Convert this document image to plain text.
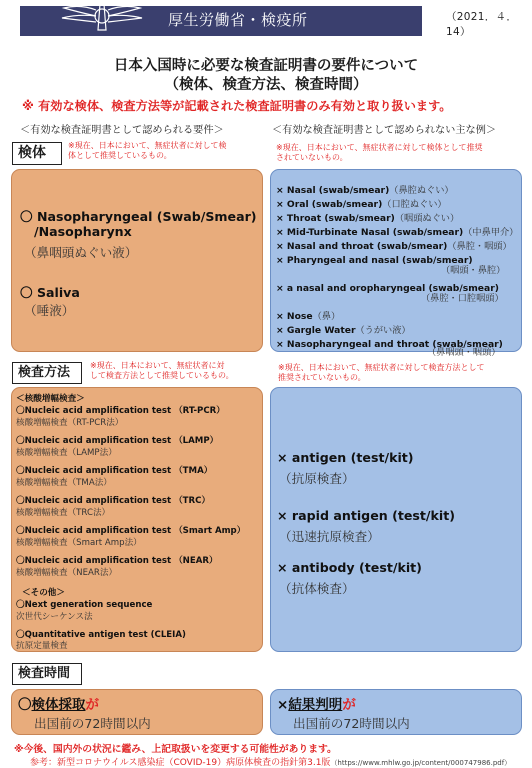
厚生労働省・検疫所	（2021．４．14）
日本入国時に必要な検査証明書の要件について
（検体、検査方法、検査時間）
※ 有効な検体、検査方法等が記載された検査証明書のみ有効と取り扱います。
＜有効な検査証明書として認められる要件＞	＜有効な検査証明書として認められない主な例＞
検体	※現在、日本において、無症状者に対して検
体として推奨しているもの。
※現在、日本において、無症状者に対して検体として推奨
されていないもの。
〇 Nasopharyngeal (Swab/Smear)
/Nasopharynx
（鼻咽頭ぬぐい液）
〇 Saliva
（唾液）
× Nasal (swab/smear)（鼻腔ぬぐい）
× Oral (swab/smear)（口腔ぬぐい）
× Throat (swab/smear)（咽頭ぬぐい）
× Mid-Turbinate Nasal (swab/smear)（中鼻甲介）
× Nasal and throat (swab/smear)（鼻腔・咽頭）
× Pharyngeal and nasal (swab/smear)
（咽頭・鼻腔）
× a nasal and oropharyngeal (swab/smear)
（鼻腔・口腔咽頭）
× Nose（鼻）
× Gargle Water（うがい液）
× Nasopharyngeal and throat (swab/smear)
（鼻咽頭・咽頭）
検査方法	※現在、日本において、無症状者に対
して検査方法として推奨しているもの。
※現在、日本において、無症状者に対して検査方法として
推奨されていないもの。
＜核酸増幅検査＞
〇Nucleic acid amplification test （RT-PCR）
核酸増幅検査（RT-PCR法）
〇Nucleic acid amplification test （LAMP）
核酸増幅検査（LAMP法）
〇Nucleic acid amplification test （TMA）
核酸増幅検査（TMA法）
〇Nucleic acid amplification test （TRC）
核酸増幅検査（TRC法）
〇Nucleic acid amplification test （Smart Amp）
核酸増幅検査（Smart Amp法）
〇Nucleic acid amplification test （NEAR）
核酸増幅検査（NEAR法）
＜その他＞
〇Next generation sequence
次世代シーケンス法
〇Quantitative antigen test (CLEIA)
抗原定量検査
× antigen (test/kit)
（抗原検査）
× rapid antigen (test/kit)
（迅速抗原検査）
× antibody (test/kit)
（抗体検査）
検査時間
〇検体採取が
出国前の72時間以内
×結果判明が
出国前の72時間以内
※今後、国内外の状況に鑑み、上記取扱いを変更する可能性があります。
参考：新型コロナウイルス感染症（COVID-19）病原体検査の指針第3.1版（https://www.mhlw.go.jp/content/000747986.pdf）
